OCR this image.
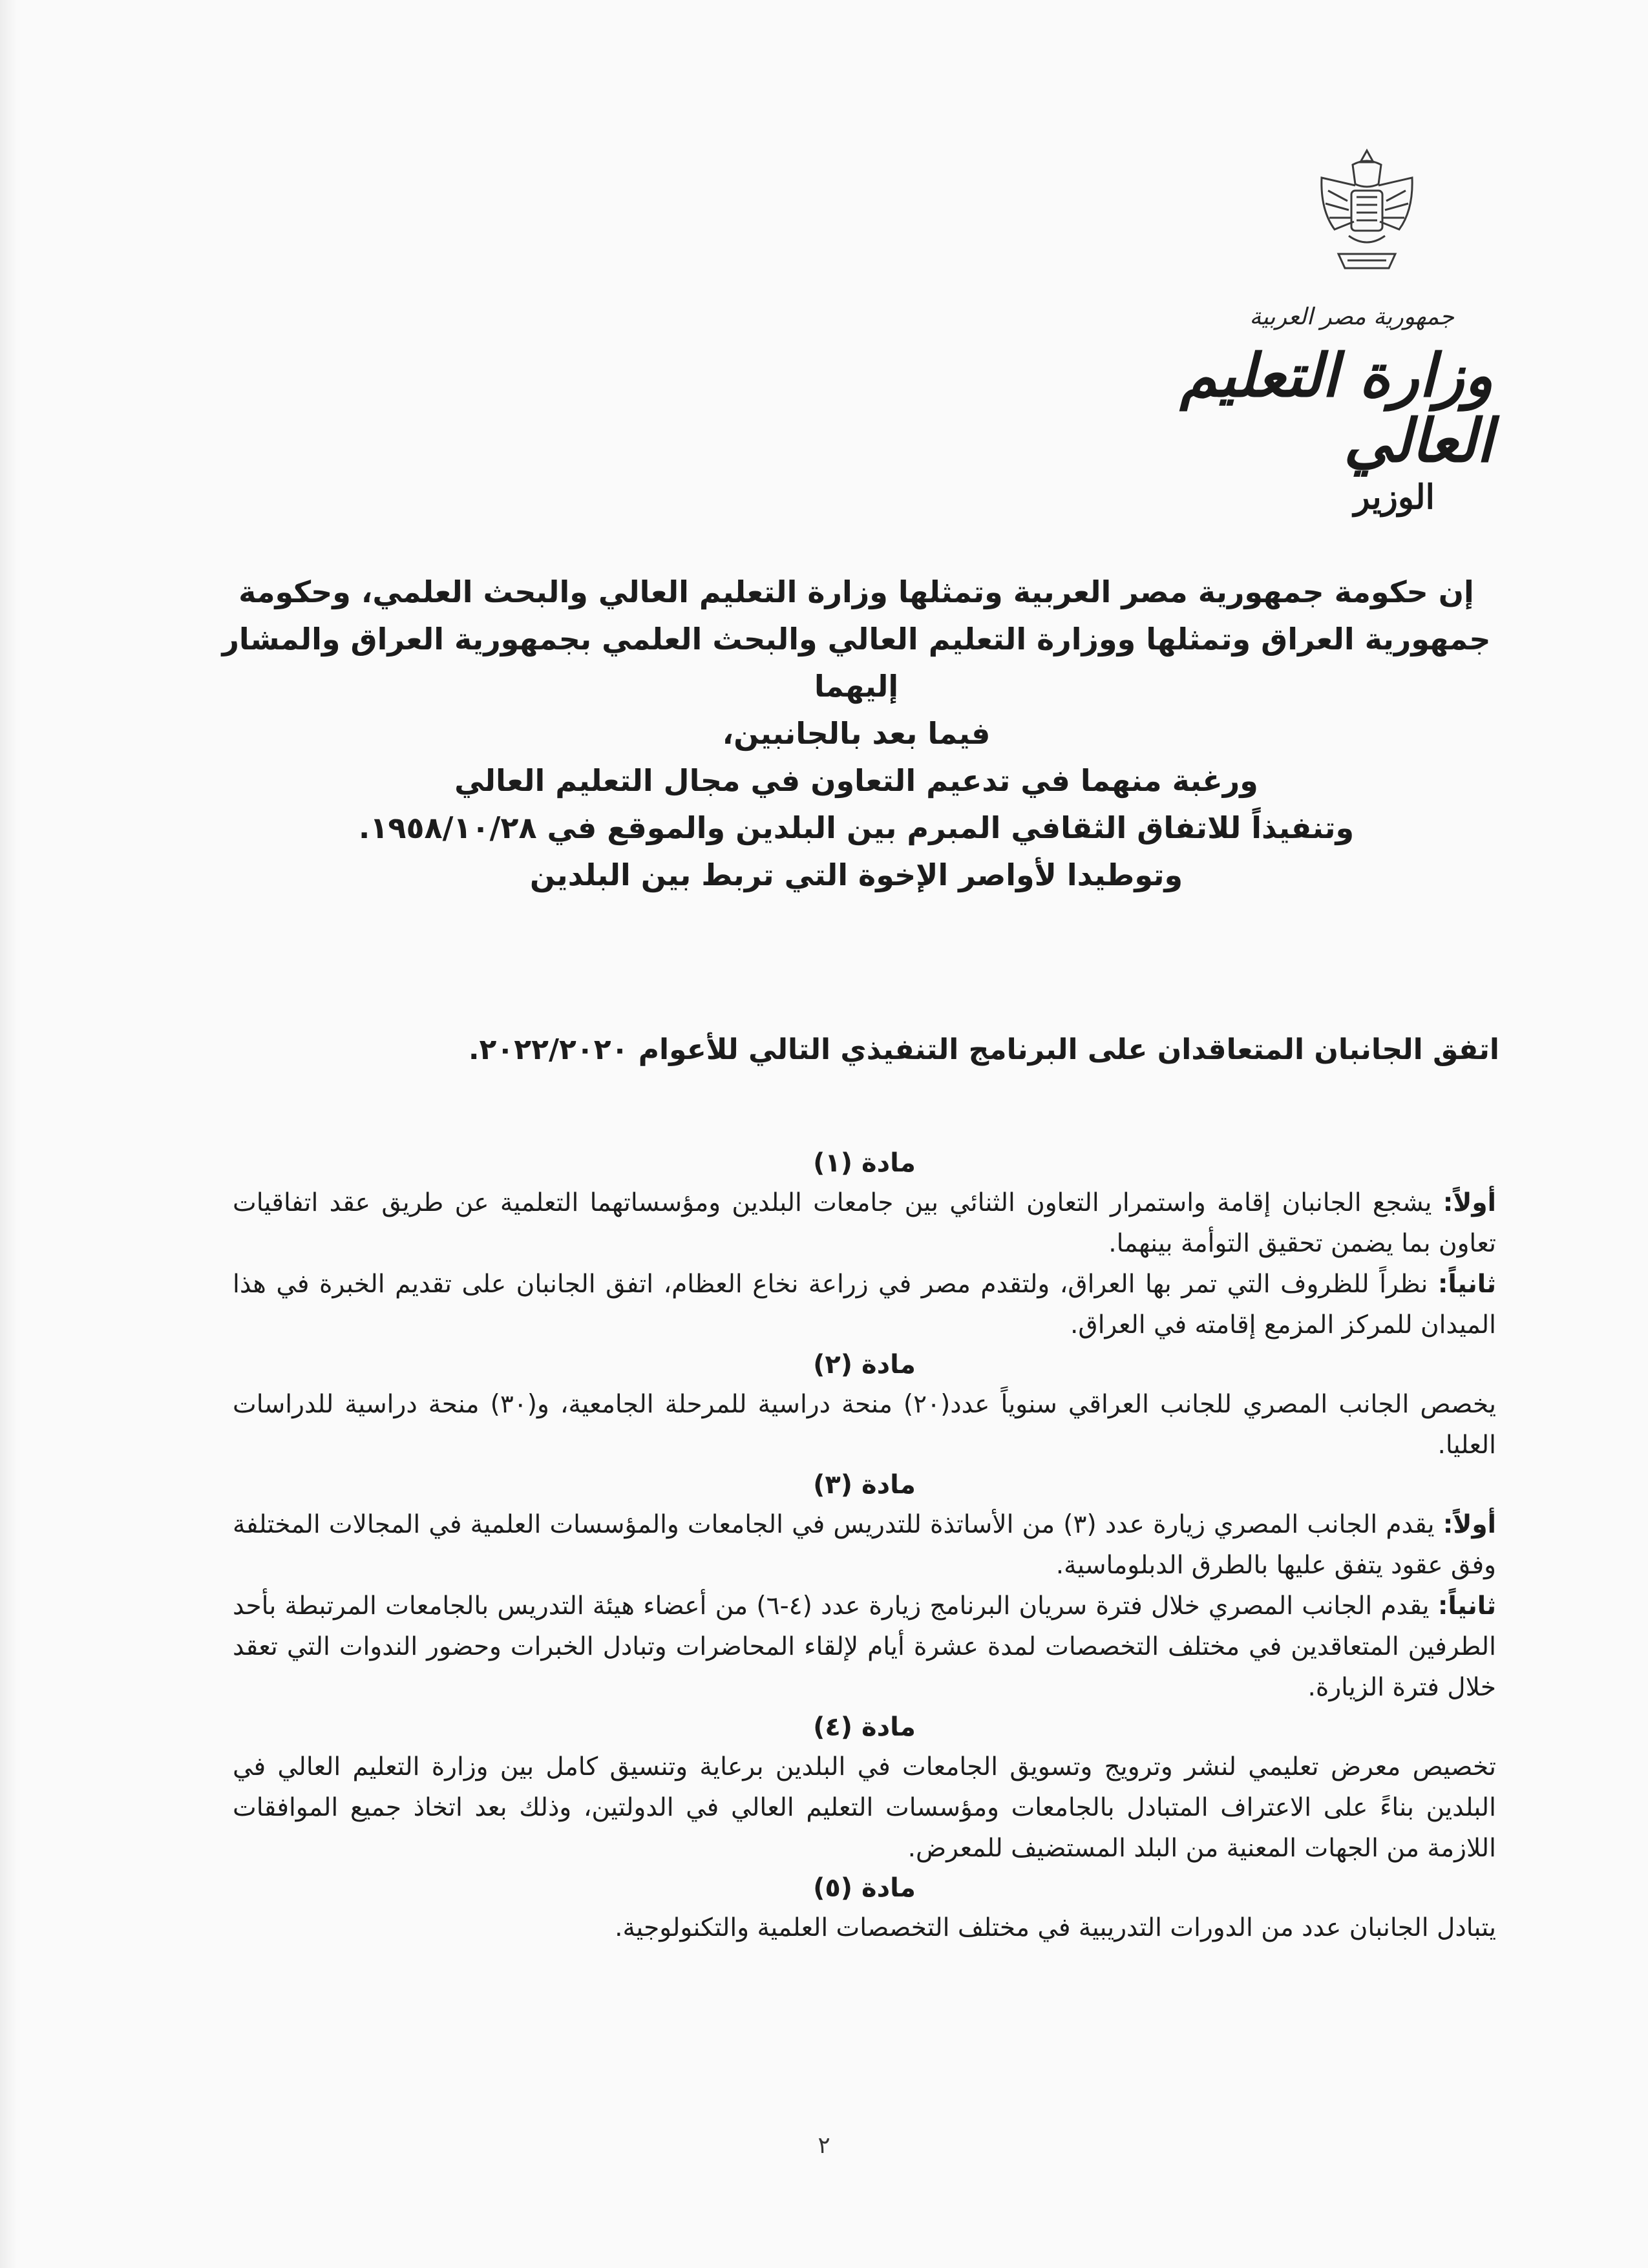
جمهورية مصر العربية

وزارة التعليم العالي

الوزير

إن حكومة جمهورية مصر العربية وتمثلها وزارة التعليم العالي والبحث العلمي، وحكومة

جمهورية العراق وتمثلها ووزارة التعليم العالي والبحث العلمي بجمهورية العراق والمشار

إليهما

فيما بعد بالجانبين،

ورغبة منهما في تدعيم التعاون في مجال التعليم العالي

وتنفيذاً للاتفاق الثقافي المبرم بين البلدين والموقع في ١٩٥٨/١٠/٢٨.

وتوطيدا لأواصر الإخوة التي تربط بين البلدين

اتفق الجانبان المتعاقدان على البرنامج التنفيذي التالي للأعوام ٢٠٢٢/٢٠٢٠.

مادة (١)

أولاً: يشجع الجانبان إقامة واستمرار التعاون الثنائي بين جامعات البلدين ومؤسساتهما التعلمية عن طريق عقد اتفاقيات تعاون بما يضمن تحقيق التوأمة بينهما.

ثانياً: نظراً للظروف التي تمر بها العراق، ولتقدم مصر في زراعة نخاع العظام، اتفق الجانبان على تقديم الخبرة في هذا الميدان للمركز المزمع إقامته في العراق.

مادة (٢)

يخصص الجانب المصري للجانب العراقي سنوياً عدد(٢٠) منحة دراسية للمرحلة الجامعية، و(٣٠) منحة دراسية للدراسات العليا.

مادة (٣)

أولاً: يقدم الجانب المصري زيارة عدد (٣) من الأساتذة للتدريس في الجامعات والمؤسسات العلمية في المجالات المختلفة وفق عقود يتفق عليها بالطرق الدبلوماسية.

ثانياً: يقدم الجانب المصري خلال فترة سريان البرنامج زيارة عدد (٤-٦) من أعضاء هيئة التدريس بالجامعات المرتبطة بأحد الطرفين المتعاقدين في مختلف التخصصات لمدة عشرة أيام لإلقاء المحاضرات وتبادل الخبرات وحضور الندوات التي تعقد خلال فترة الزيارة.

مادة (٤)

تخصيص معرض تعليمي لنشر وترويج وتسويق الجامعات في البلدين برعاية وتنسيق كامل بين وزارة التعليم العالي في البلدين بناءً على الاعتراف المتبادل بالجامعات ومؤسسات التعليم العالي في الدولتين، وذلك بعد اتخاذ جميع الموافقات اللازمة من الجهات المعنية من البلد المستضيف للمعرض.

مادة (٥)

يتبادل الجانبان عدد من الدورات التدريبية في مختلف التخصصات العلمية والتكنولوجية.

٢
